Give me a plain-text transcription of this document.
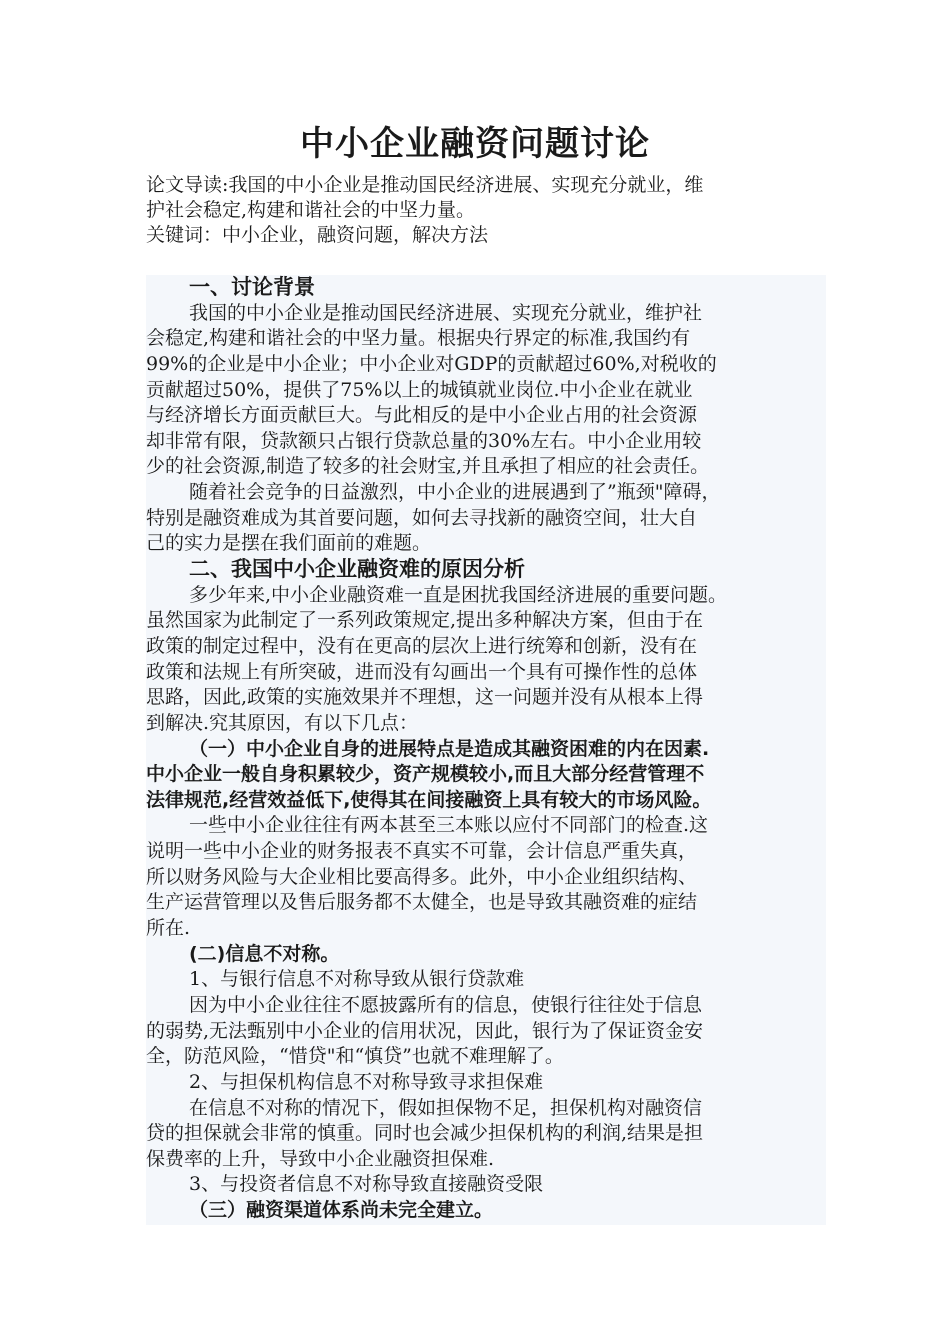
中小企业融资问题讨论
论文导读:我国的中小企业是推动国民经济进展、实现充分就业，维
护社会稳定,构建和谐社会的中坚力量。
关键词：中小企业，融资问题，解决方法
一、讨论背景
我国的中小企业是推动国民经济进展、实现充分就业，维护社
会稳定,构建和谐社会的中坚力量。根据央行界定的标准,我国约有
99%的企业是中小企业；中小企业对GDP的贡献超过60%,对税收的
贡献超过50%，提供了75%以上的城镇就业岗位.中小企业在就业
与经济增长方面贡献巨大。与此相反的是中小企业占用的社会资源
却非常有限，贷款额只占银行贷款总量的30%左右。中小企业用较
少的社会资源,制造了较多的社会财宝,并且承担了相应的社会责任。
随着社会竞争的日益激烈，中小企业的进展遇到了”瓶颈"障碍，
特别是融资难成为其首要问题，如何去寻找新的融资空间，壮大自
己的实力是摆在我们面前的难题。
二、我国中小企业融资难的原因分析
多少年来,中小企业融资难一直是困扰我国经济进展的重要问题。
虽然国家为此制定了一系列政策规定,提出多种解决方案，但由于在
政策的制定过程中，没有在更高的层次上进行统筹和创新，没有在
政策和法规上有所突破，进而没有勾画出一个具有可操作性的总体
思路，因此,政策的实施效果并不理想，这一问题并没有从根本上得
到解决.究其原因，有以下几点：
（一）中小企业自身的进展特点是造成其融资困难的内在因素.
中小企业一般自身积累较少，资产规模较小,而且大部分经营管理不
法律规范,经营效益低下,使得其在间接融资上具有较大的市场风险。
一些中小企业往往有两本甚至三本账以应付不同部门的检查.这
说明一些中小企业的财务报表不真实不可靠，会计信息严重失真，
所以财务风险与大企业相比要高得多。此外，中小企业组织结构、
生产运营管理以及售后服务都不太健全，也是导致其融资难的症结
所在.
(二)信息不对称。
1、与银行信息不对称导致从银行贷款难
因为中小企业往往不愿披露所有的信息，使银行往往处于信息
的弱势,无法甄别中小企业的信用状况，因此，银行为了保证资金安
全，防范风险，“惜贷"和“慎贷”也就不难理解了。
2、与担保机构信息不对称导致寻求担保难
在信息不对称的情况下，假如担保物不足，担保机构对融资信
贷的担保就会非常的慎重。同时也会减少担保机构的利润,结果是担
保费率的上升，导致中小企业融资担保难.
3、与投资者信息不对称导致直接融资受限
（三）融资渠道体系尚未完全建立。
